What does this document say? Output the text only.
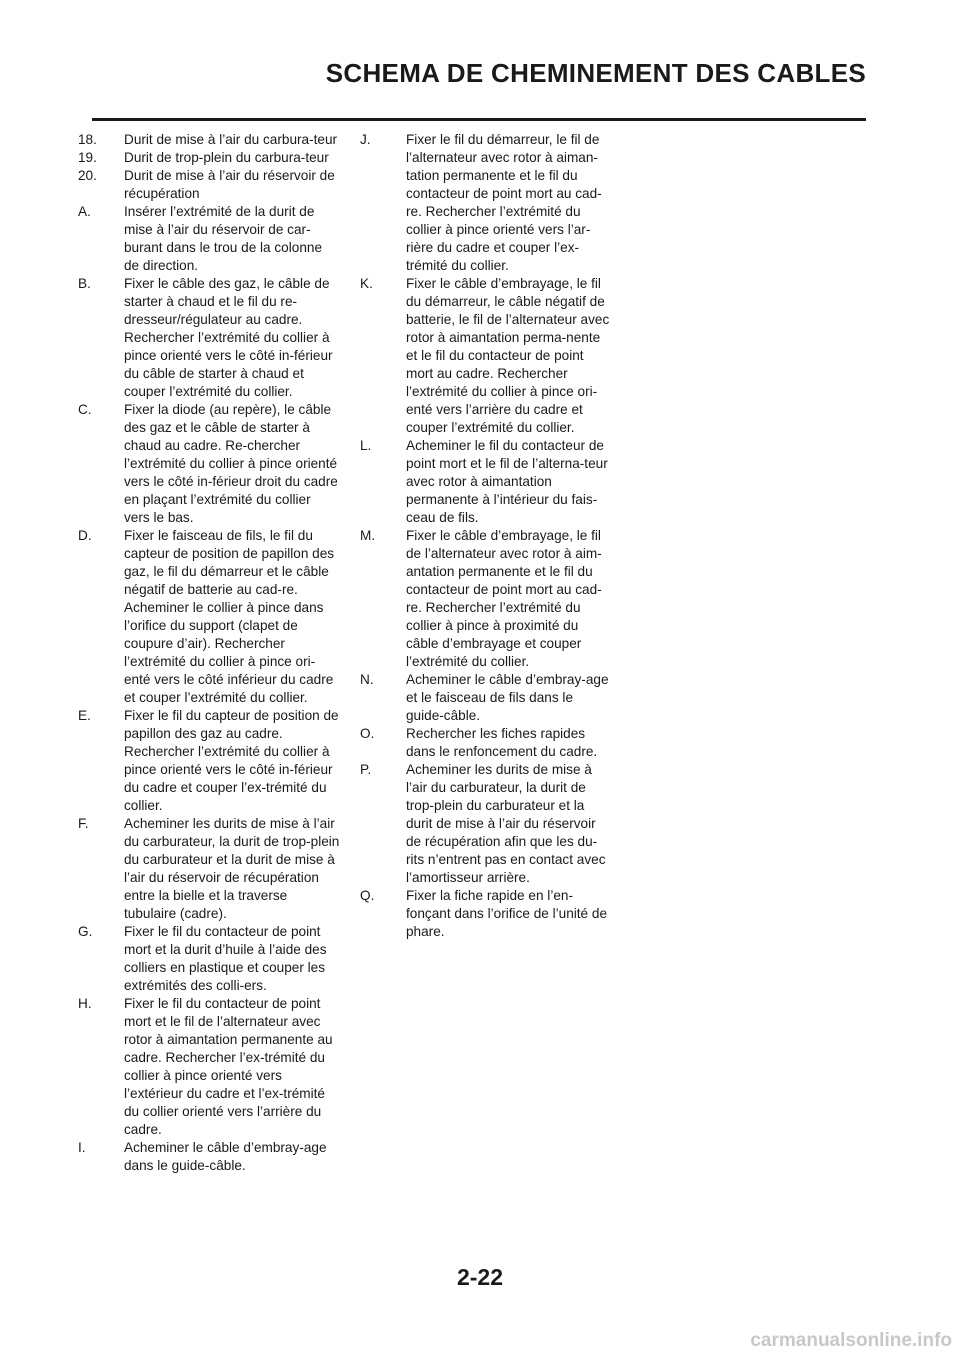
SCHEMA DE CHEMINEMENT DES CABLES
18. Durit de mise à l’air du carbura-teur
19. Durit de trop-plein du carbura-teur
20. Durit de mise à l’air du réservoir de récupération
A. Insérer l’extrémité de la durit de mise à l’air du réservoir de car-burant dans le trou de la colonne de direction.
B. Fixer le câble des gaz, le câble de starter à chaud et le fil du re-dresseur/régulateur au cadre. Rechercher l’extrémité du collier à pince orienté vers le côté in-férieur du câble de starter à chaud et couper l’extrémité du collier.
C. Fixer la diode (au repère), le câble des gaz et le câble de starter à chaud au cadre. Re-chercher l’extrémité du collier à pince orienté vers le côté in-férieur droit du cadre en plaçant l’extrémité du collier vers le bas.
D. Fixer le faisceau de fils, le fil du capteur de position de papillon des gaz, le fil du démarreur et le câble négatif de batterie au cad-re. Acheminer le collier à pince dans l’orifice du support (clapet de coupure d’air). Rechercher l’extrémité du collier à pince ori-enté vers le côté inférieur du cadre et couper l’extrémité du collier.
E. Fixer le fil du capteur de position de papillon des gaz au cadre. Rechercher l’extrémité du collier à pince orienté vers le côté in-férieur du cadre et couper l’ex-trémité du collier.
F.	Acheminer les durits de mise à l’air du carburateur, la durit de trop-plein du carburateur et la durit de mise à l’air du réservoir de récupération entre la bielle et la traverse tubulaire (cadre).
G. Fixer le fil du contacteur de point mort et la durit d’huile à l’aide des colliers en plastique et couper les extrémités des colli-ers.
H. Fixer le fil du contacteur de point mort et le fil de l’alternateur avec rotor à aimantation permanente au cadre. Rechercher l’ex-trémité du collier à pince orienté vers l’extérieur du cadre et l’ex-trémité du collier orienté vers l’arrière du cadre.
I.	Acheminer le câble d’embray-age dans le guide-câble.
J.	Fixer le fil du démarreur, le fil de l’alternateur avec rotor à aiman-tation permanente et le fil du contacteur de point mort au cad-re. Rechercher l’extrémité du collier à pince orienté vers l’ar-rière du cadre et couper l’ex-trémité du collier.
K. Fixer le câble d’embrayage, le fil du démarreur, le câble négatif de batterie, le fil de l’alternateur avec rotor à aimantation perma-nente et le fil du contacteur de point mort au cadre. Rechercher l’extrémité du collier à pince ori-enté vers l’arrière du cadre et couper l’extrémité du collier.
L.	Acheminer le fil du contacteur de point mort et le fil de l’alterna-teur avec rotor à aimantation permanente à l’intérieur du fais-ceau de fils.
M. Fixer le câble d’embrayage, le fil de l’alternateur avec rotor à aim-antation permanente et le fil du contacteur de point mort au cad-re. Rechercher l’extrémité du collier à pince à proximité du câble d’embrayage et couper l’extrémité du collier.
N. Acheminer le câble d’embray-age et le faisceau de fils dans le guide-câble.
O. Rechercher les fiches rapides dans le renfoncement du cadre.
P.	Acheminer les durits de mise à l’air du carburateur, la durit de trop-plein du carburateur et la durit de mise à l’air du réservoir de récupération afin que les du-rits n’entrent pas en contact avec l’amortisseur arrière.
Q. Fixer la fiche rapide en l’en-fonçant dans l’orifice de l’unité de phare.
2-22
carmanualsonline.info
